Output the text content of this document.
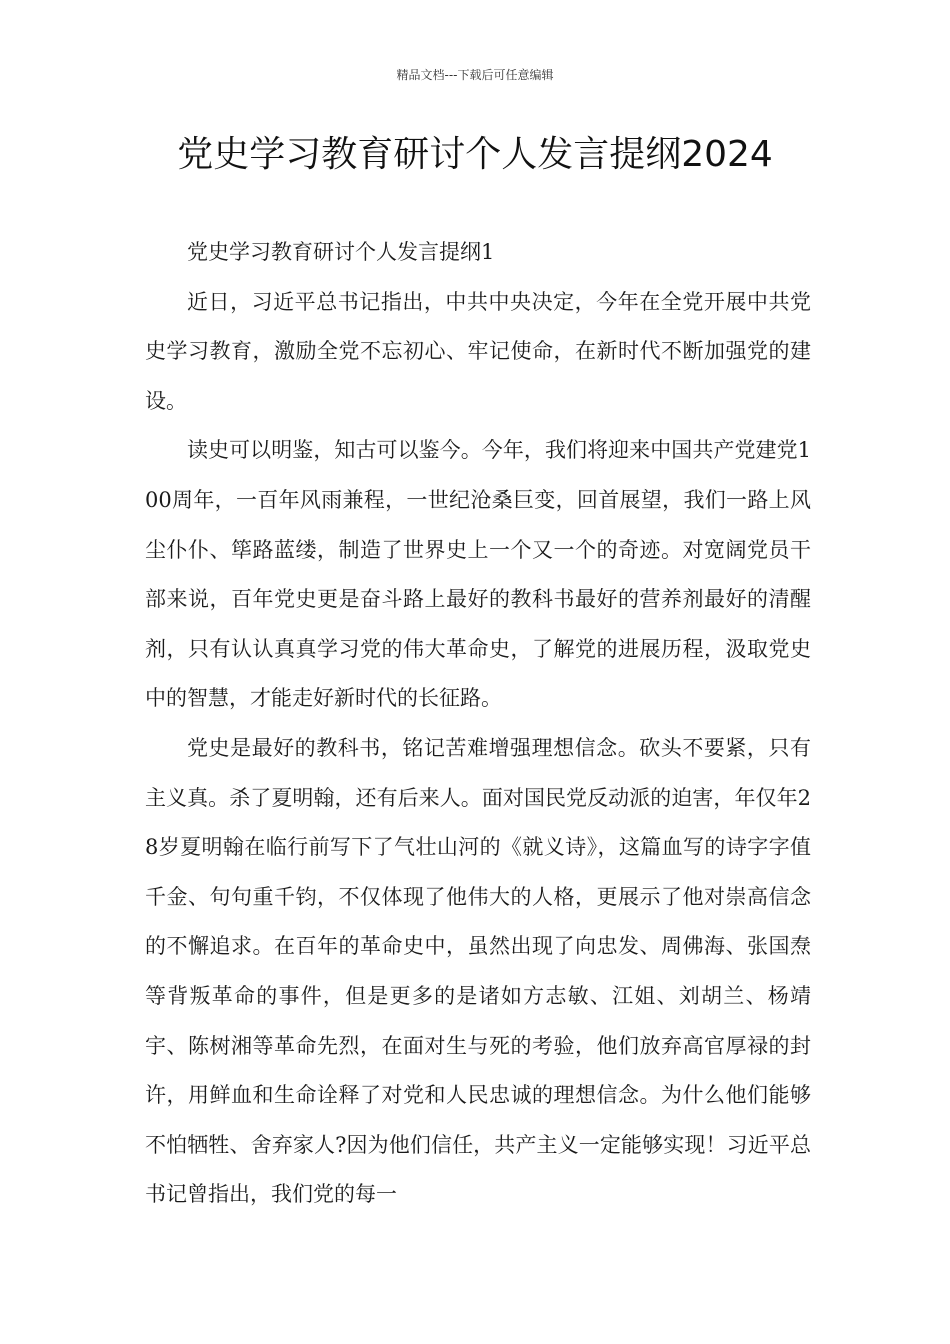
精品文档---下载后可任意编辑
党史学习教育研讨个人发言提纲2024

党史学习教育研讨个人发言提纲1

近日，习近平总书记指出，中共中央决定，今年在全党开展中共党史学习教育，激励全党不忘初心、牢记使命，在新时代不断加强党的建设。

读史可以明鉴，知古可以鉴今。今年，我们将迎来中国共产党建党100周年，一百年风雨兼程，一世纪沧桑巨变，回首展望，我们一路上风尘仆仆、筚路蓝缕，制造了世界史上一个又一个的奇迹。对宽阔党员干部来说，百年党史更是奋斗路上最好的教科书最好的营养剂最好的清醒剂，只有认认真真学习党的伟大革命史，了解党的进展历程，汲取党史中的智慧，才能走好新时代的长征路。

党史是最好的教科书，铭记苦难增强理想信念。砍头不要紧，只有主义真。杀了夏明翰，还有后来人。面对国民党反动派的迫害，年仅年28岁夏明翰在临行前写下了气壮山河的《就义诗》，这篇血写的诗字字值千金、句句重千钧，不仅体现了他伟大的人格，更展示了他对崇高信念的不懈追求。在百年的革命史中，虽然出现了向忠发、周佛海、张国焘等背叛革命的事件，但是更多的是诸如方志敏、江姐、刘胡兰、杨靖宇、陈树湘等革命先烈，在面对生与死的考验，他们放弃高官厚禄的封许，用鲜血和生命诠释了对党和人民忠诚的理想信念。为什么他们能够不怕牺牲、舍弃家人?因为他们信任，共产主义一定能够实现！习近平总书记曾指出，我们党的每一
